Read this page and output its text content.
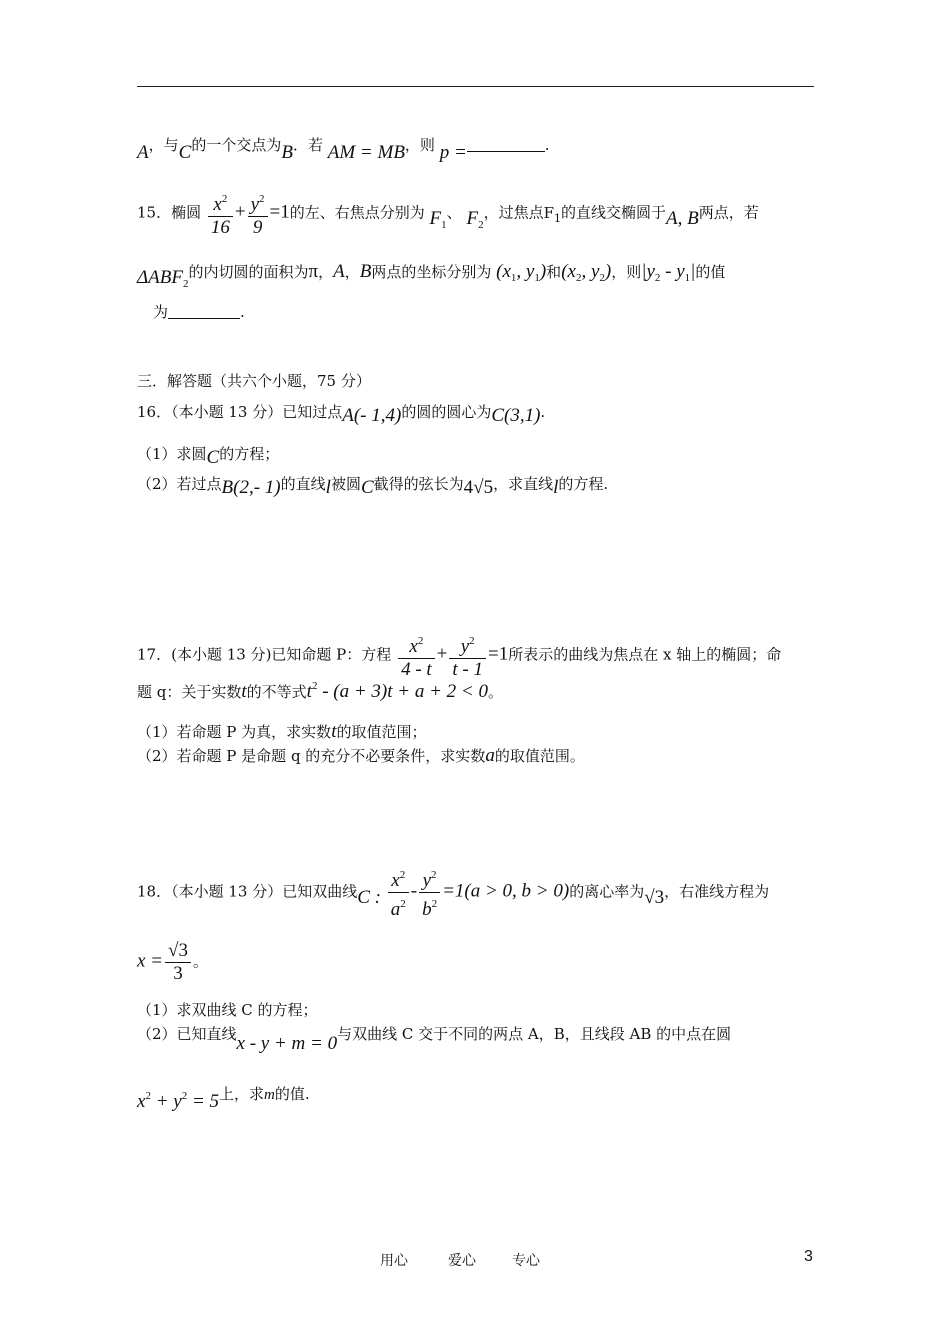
A，与C的一个交点为B．若 AM = MB，则 p =	.
15．椭圆 $\frac{x^2}{16} + \frac{y^2}{9} =1$的左、右焦点分别为 $F_1$、 $F_2$，过焦点$F_1$的直线交椭圆于A, B两点，若
$\Delta ABF_2$的内切圆的面积为π，A，B两点的坐标分别为 ($x_1$, $y_1$)和($x_2$, $y_2$)，则$|y_2 - y_1|$的值
为	.
三．解答题（共六个小题，75 分）
16．（本小题 13 分）已知过点A(- 1,4)的圆的圆心为C(3,1).
（1）求圆C的方程；
（2）若过点B(2,- 1)的直线l被圆C截得的弦长为4√5，求直线l的方程.
17．(本小题 13 分)已知命题 P：方程 $\frac{x^2}{4 - t} + \frac{y^2}{t - 1} =1$所表示的曲线为焦点在 x 轴上的椭圆；命
题 q：关于实数t的不等式$t^2 - (a + 3)t + a + 2 < 0$。
（1）若命题 P 为真，求实数t的取值范围；
（2）若命题 P 是命题 q 的充分不必要条件，求实数a的取值范围。
18．（本小题 13 分）已知双曲线C : $\frac{x^2}{a^2} - \frac{y^2}{b^2} =1(a > 0$, b > 0)的离心率为√3，右准线方程为
$x = \frac{√3}{3}$ 。
（1）求双曲线 C 的方程；
（2）已知直线x - y + m = 0与双曲线 C 交于不同的两点 A，B，且线段 AB 的中点在圆
$x^2 + y^2 = 5$上，求m的值.
用心	爱心	专心	3
